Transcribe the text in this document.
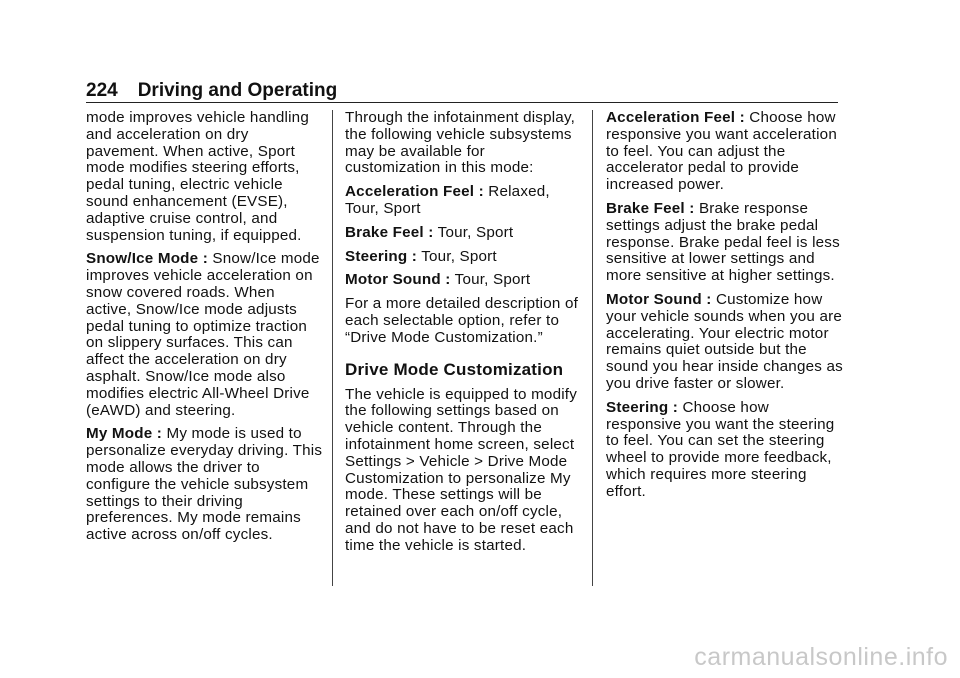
224 Driving and Operating

mode improves vehicle handling and acceleration on dry pavement. When active, Sport mode modifies steering efforts, pedal tuning, electric vehicle sound enhancement (EVSE), adaptive cruise control, and suspension tuning, if equipped.

Snow/Ice Mode : Snow/Ice mode improves vehicle acceleration on snow covered roads. When active, Snow/Ice mode adjusts pedal tuning to optimize traction on slippery surfaces. This can affect the acceleration on dry asphalt. Snow/Ice mode also modifies electric All-Wheel Drive (eAWD) and steering.

My Mode : My mode is used to personalize everyday driving. This mode allows the driver to configure the vehicle subsystem settings to their driving preferences. My mode remains active across on/off cycles.

Through the infotainment display, the following vehicle subsystems may be available for customization in this mode:

Acceleration Feel : Relaxed, Tour, Sport

Brake Feel : Tour, Sport

Steering : Tour, Sport

Motor Sound : Tour, Sport

For a more detailed description of each selectable option, refer to “Drive Mode Customization.”

Drive Mode Customization

The vehicle is equipped to modify the following settings based on vehicle content. Through the infotainment home screen, select Settings > Vehicle > Drive Mode Customization to personalize My mode. These settings will be retained over each on/off cycle, and do not have to be reset each time the vehicle is started.

Acceleration Feel : Choose how responsive you want acceleration to feel. You can adjust the accelerator pedal to provide increased power.

Brake Feel : Brake response settings adjust the brake pedal response. Brake pedal feel is less sensitive at lower settings and more sensitive at higher settings.

Motor Sound : Customize how your vehicle sounds when you are accelerating. Your electric motor remains quiet outside but the sound you hear inside changes as you drive faster or slower.

Steering : Choose how responsive you want the steering to feel. You can set the steering wheel to provide more feedback, which requires more steering effort.

carmanualsonline.info
